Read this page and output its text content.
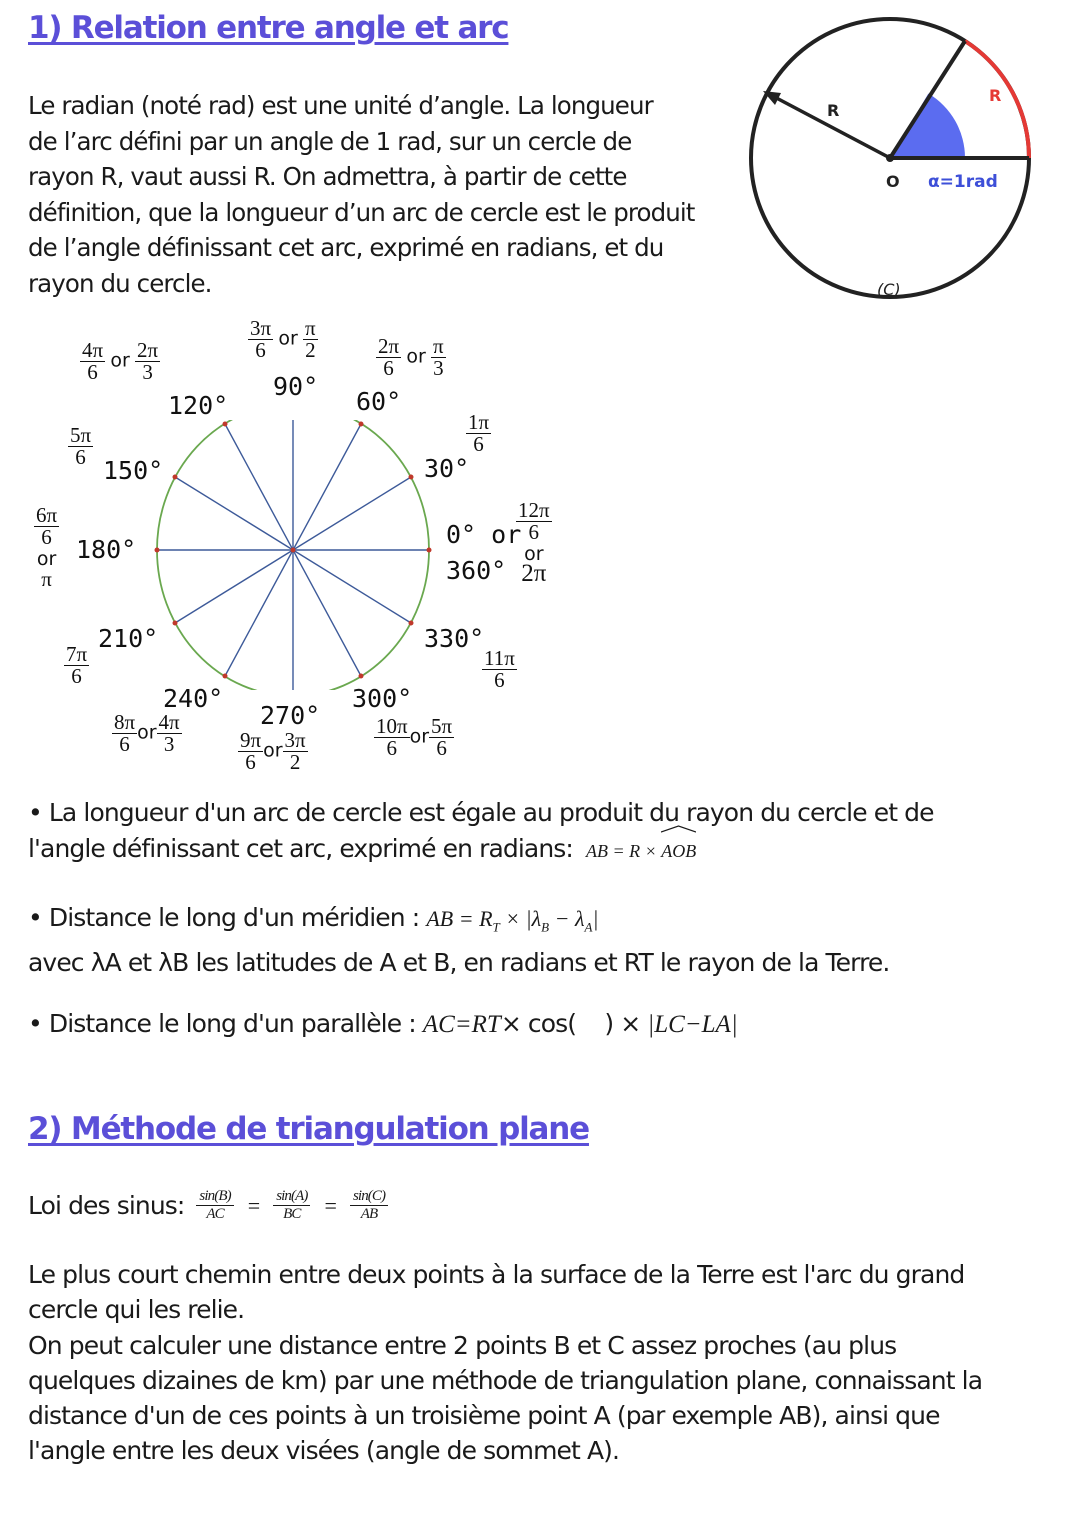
1) Relation entre angle et arc
Le radian (noté rad) est une unité d’angle. La longueur
de l’arc défini par un angle de 1 rad, sur un cercle de
rayon R, vaut aussi R. On admettra, à partir de cette
définition, que la longueur d’un arc de cercle est le produit
de l’angle définissant cet arc, exprimé en radians, et du
rayon du cercle.
R
R
O α=1rad
(C)
0° or
360°
30°
60°
90°
120°
150°
180°
210°
240°
270°
300°
330°
$\frac{3\pi}{6}$ or $\frac{\pi}{2}$
$\frac{4\pi}{6}$ or $\frac{2\pi}{3}$	$\frac{2\pi}{6}$ or $\frac{\pi}{3}$
$\frac{1\pi}{6}$
$\frac{5\pi}{6}$
$\frac{6\pi}{6}$

or
π
$\frac{12\pi}{6}$

or
2π
$\frac{7\pi}{6}$	$\frac{11\pi}{6}$
$\frac{8\pi}{6}$ or $\frac{4\pi}{3}$	$\frac{9\pi}{6}$ or $\frac{3\pi}{2}$	$\frac{10\pi}{6}$ or $\frac{5\pi}{6}$
• La longueur d'un arc de cercle est égale au produit du rayon du cercle et de
l'angle définissant cet arc, exprimé en radians: AB = R × AOB
• Distance le long d'un méridien : AB = $R_T \times |\lambda_B - \lambda_A|$
avec λA et λB les latitudes de A et B, en radians et RT le rayon de la Terre.
• Distance le long d'un parallèle : AC=RT× cos(    ) × |LC−LA|
2) Méthode de triangulation plane
Loi des sinus: $\frac{\sin(B)}{AC} = \frac{\sin(A)}{BC} = \frac{\sin(C)}{AB}$
Le plus court chemin entre deux points à la surface de la Terre est l'arc du grand
cercle qui les relie.
On peut calculer une distance entre 2 points B et C assez proches (au plus
quelques dizaines de km) par une méthode de triangulation plane, connaissant la
distance d'un de ces points à un troisième point A (par exemple AB), ainsi que
l'angle entre les deux visées (angle de sommet A).
